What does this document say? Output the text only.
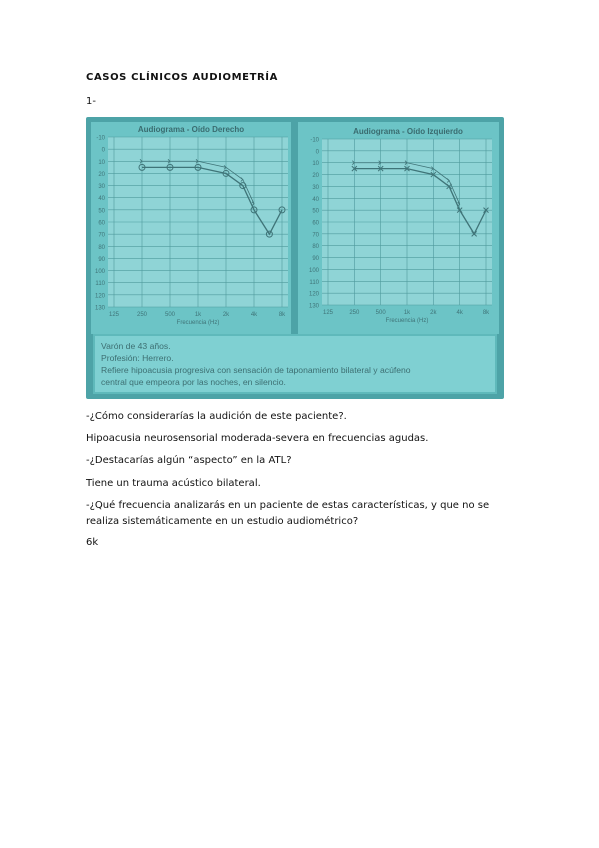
CASOS CLÍNICOS AUDIOMETRÍA
1-
-10
0
10
20
30
40
50
60
70
80
90
100
110
120
130
125	250	500	1k	2k	4k	8k
Audiograma - Oído Derecho
Frecuencia (Hz)
-10
0
10
20
30
40
50
60
70
80
90
100
110
120
130
125	250	500	1k	2k	4k	8k
Audiograma - Oído Izquierdo
Frecuencia (Hz)
Varón de 43 años.
Profesión: Herrero.
Refiere hipoacusia progresiva con sensación de taponamiento bilateral y acúfeno
central que empeora por las noches, en silencio.
-¿Cómo considerarías la audición de este paciente?.
Hipoacusia neurosensorial moderada-severa en frecuencias agudas.
-¿Destacarías algún “aspecto” en la ATL?
Tiene un trauma acústico bilateral.
-¿Qué frecuencia analizarás en un paciente de estas características, y que no se realiza sistemáticamente en un estudio audiométrico?
6k
